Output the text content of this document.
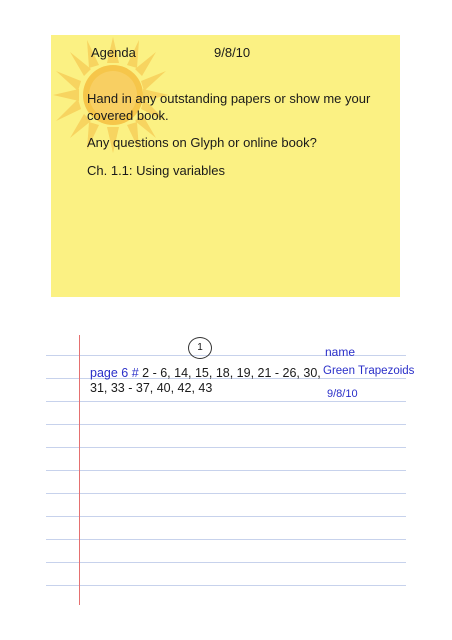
Agenda	9/8/10
Hand in any outstanding papers or show me your covered book.
Any questions on Glyph or online book?
Ch. 1.1: Using variables
1	name
Green Trapezoids
9/8/10
page 6 # 2 - 6, 14, 15, 18, 19, 21 - 26, 30,
31, 33 - 37, 40, 42, 43
